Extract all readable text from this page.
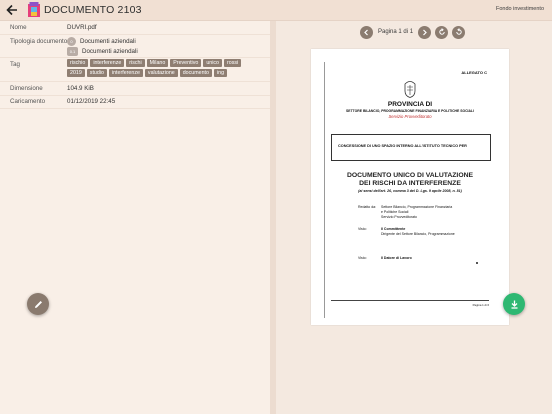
DOCUMENTO 2103	Fondo investimento
Nome	DUVRI.pdf
Tipologia documento 0	Documenti aziendali
0.1	Documenti aziendali
Tag	rischio	interferenze	rischi	Milano	Preventivo	unico	rossi
2019	studio	interferenze	valutazione	documento	ing
Dimensione	104.9 KiB
Caricamento	01/12/2019 22:45
Pagina 1 di 1
ALLEGATO C
PROVINCIA DI
SETTORE BILANCIO, PROGRAMMAZIONE FINANZIARIA E POLITICHE SOCIALI
Servizio Provveditorato
CONCESSIONE DI UNO SPAZIO INTERNO ALL'ISTITUTO TECNICO PER
DOCUMENTO UNICO DI VALUTAZIONE
DEI RISCHI DA INTERFERENZE
(ai sensi dell'art. 26, comma 3 del D. Lgs. 9 aprile 2008, n. 81)
Redatto da: Settore Bilancio, Programmazione Finanziaria
e Politiche Sociali
Servizio Provveditorato
Visto:	Il Committente
Dirigente del Settore Bilancio, Programmazione
Visto:	Il Datore di Lavoro
Pagina 1 di 6
